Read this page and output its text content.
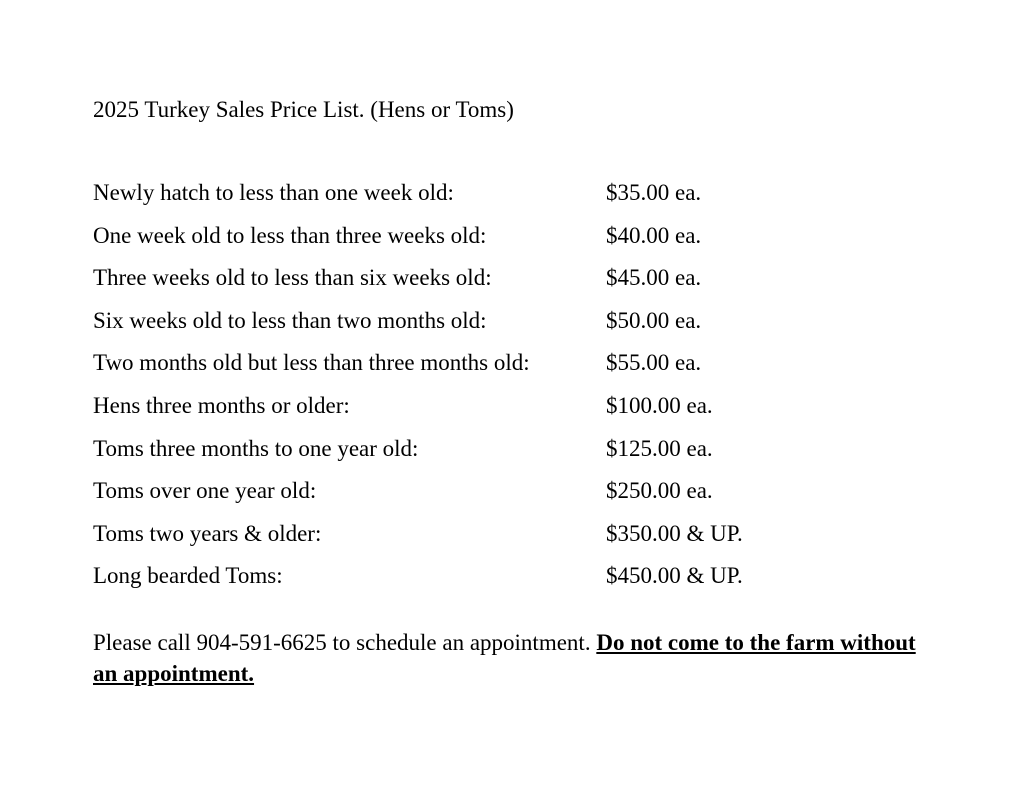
2025 Turkey Sales Price List. (Hens or Toms)
Newly hatch to less than one week old:	$35.00 ea.
One week old to less than three weeks old:	$40.00 ea.
Three weeks old to less than six weeks old:	$45.00 ea.
Six weeks old to less than two months old:	$50.00 ea.
Two months old but less than three months old:	$55.00 ea.
Hens three months or older:	$100.00 ea.
Toms three months to one year old:	$125.00 ea.
Toms over one year old:	$250.00 ea.
Toms two years & older:	$350.00 & UP.
Long bearded Toms:	$450.00 & UP.

Please call 904-591-6625 to schedule an appointment. Do not come to the farm without an appointment.
